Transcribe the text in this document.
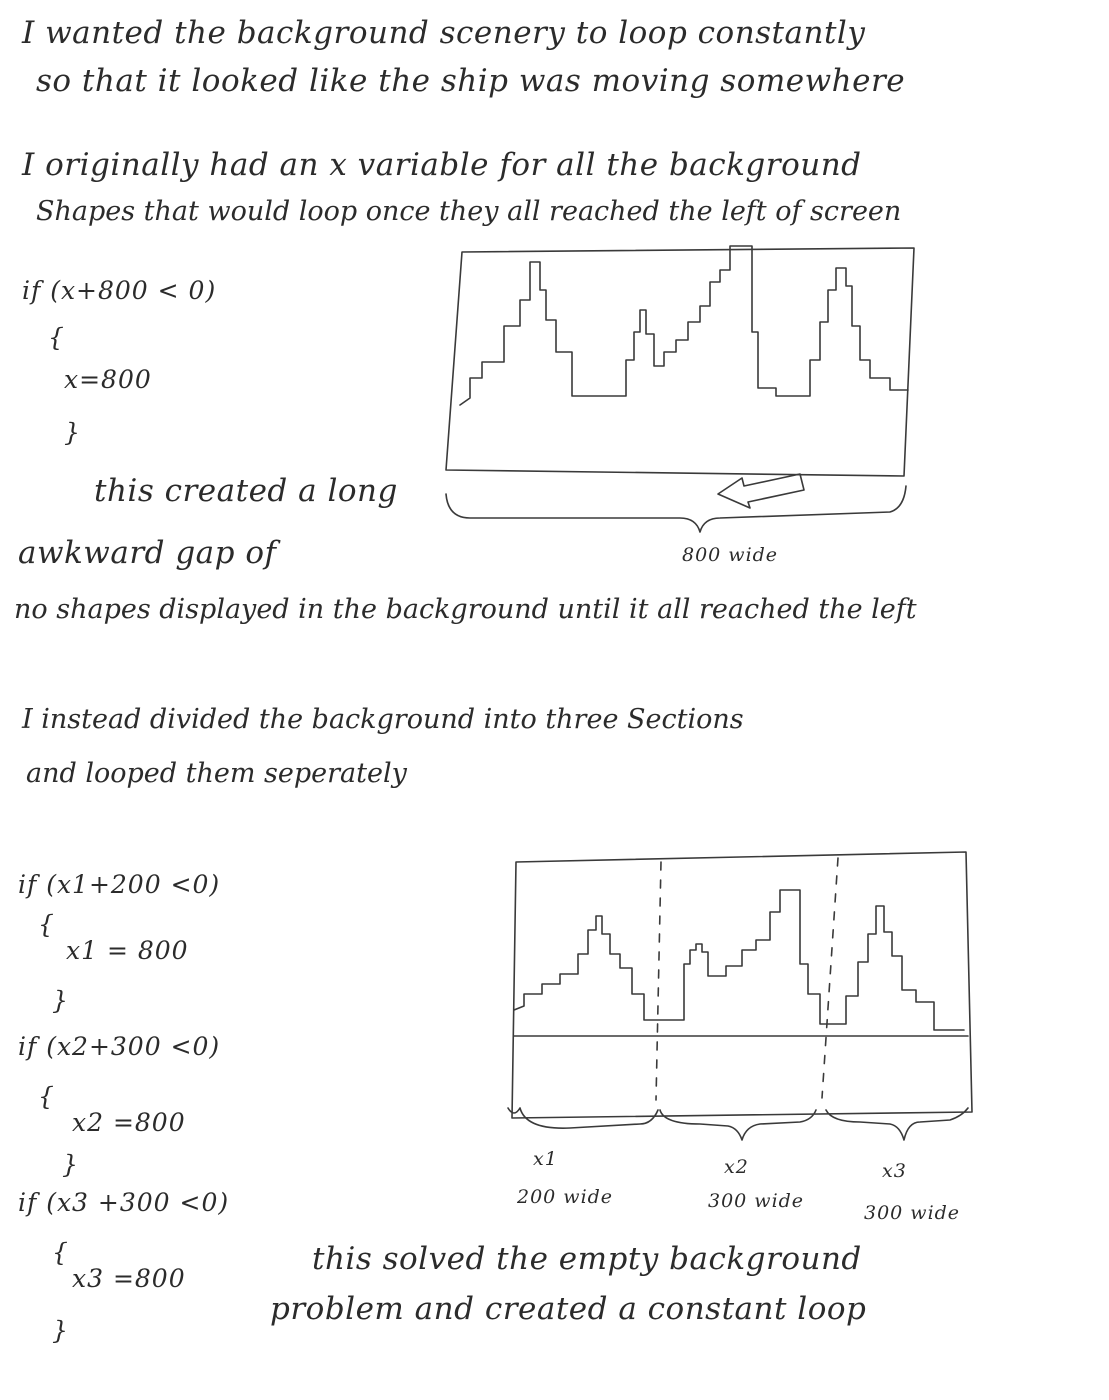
I wanted the background scenery to loop constantly
so that it looked like the ship was moving somewhere
I originally had an x variable for all the background
Shapes that would loop once they all reached the left of screen
if (x+800 < 0)
{
x=800
}
this created a long
awkward gap of
no shapes displayed in the background until it all reached the left
800 wide
I instead divided the background into three Sections
and looped them seperately
if (x1+200 <0)
{
x1 = 800
}
if (x2+300 <0)
{
x2 =800
}
if (x3 +300 <0)
{
x3 =800
}
x1
200 wide
x2
300 wide
x3
300 wide
this solved the empty background
problem and created a constant loop
